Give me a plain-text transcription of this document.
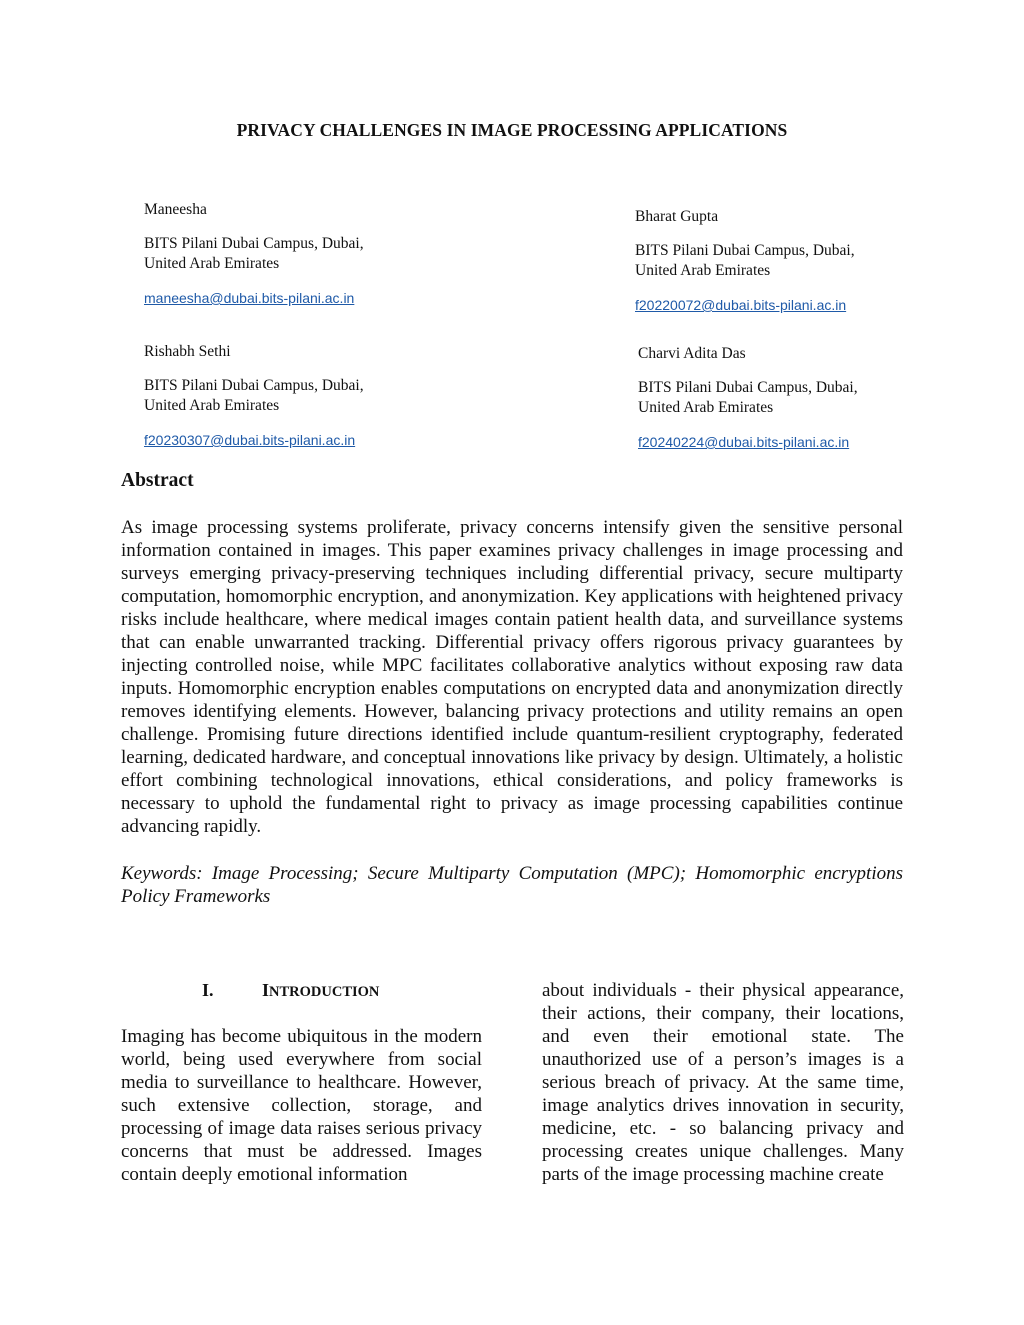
PRIVACY CHALLENGES IN IMAGE PROCESSING APPLICATIONS
Maneesha
BITS Pilani Dubai Campus, Dubai,
United Arab Emirates
maneesha@dubai.bits-pilani.ac.in
Bharat Gupta
BITS Pilani Dubai Campus, Dubai,
United Arab Emirates
f20220072@dubai.bits-pilani.ac.in
Rishabh Sethi
BITS Pilani Dubai Campus, Dubai,
United Arab Emirates
f20230307@dubai.bits-pilani.ac.in
Charvi Adita Das
BITS Pilani Dubai Campus, Dubai,
United Arab Emirates
f20240224@dubai.bits-pilani.ac.in
Abstract

As image processing systems proliferate, privacy concerns intensify given the sensitive personal information contained in images. This paper examines privacy challenges in image processing and surveys emerging privacy-preserving techniques including differential privacy, secure multiparty computation, homomorphic encryption, and anonymization. Key applications with heightened privacy risks include healthcare, where medical images contain patient health data, and surveillance systems that can enable unwarranted tracking. Differential privacy offers rigorous privacy guarantees by injecting controlled noise, while MPC facilitates collaborative analytics without exposing raw data inputs. Homomorphic encryption enables computations on encrypted data and anonymization directly removes identifying elements. However, balancing privacy protections and utility remains an open challenge. Promising future directions identified include quantum-resilient cryptography, federated learning, dedicated hardware, and conceptual innovations like privacy by design. Ultimately, a holistic effort combining technological innovations, ethical considerations, and policy frameworks is necessary to uphold the fundamental right to privacy as image processing capabilities continue advancing rapidly.

Keywords: Image Processing; Secure Multiparty Computation (MPC); Homomorphic encryptions Policy Frameworks

I.	INTRODUCTION

Imaging has become ubiquitous in the modern world, being used everywhere from social media to surveillance to healthcare. However, such extensive collection, storage, and processing of image data raises serious privacy concerns that must be addressed. Images contain deeply emotional information

about individuals - their physical appearance, their actions, their company, their locations, and even their emotional state. The unauthorized use of a person’s images is a serious breach of privacy. At the same time, image analytics drives innovation in security, medicine, etc. - so balancing privacy and processing creates unique challenges. Many parts of the image processing machine create
